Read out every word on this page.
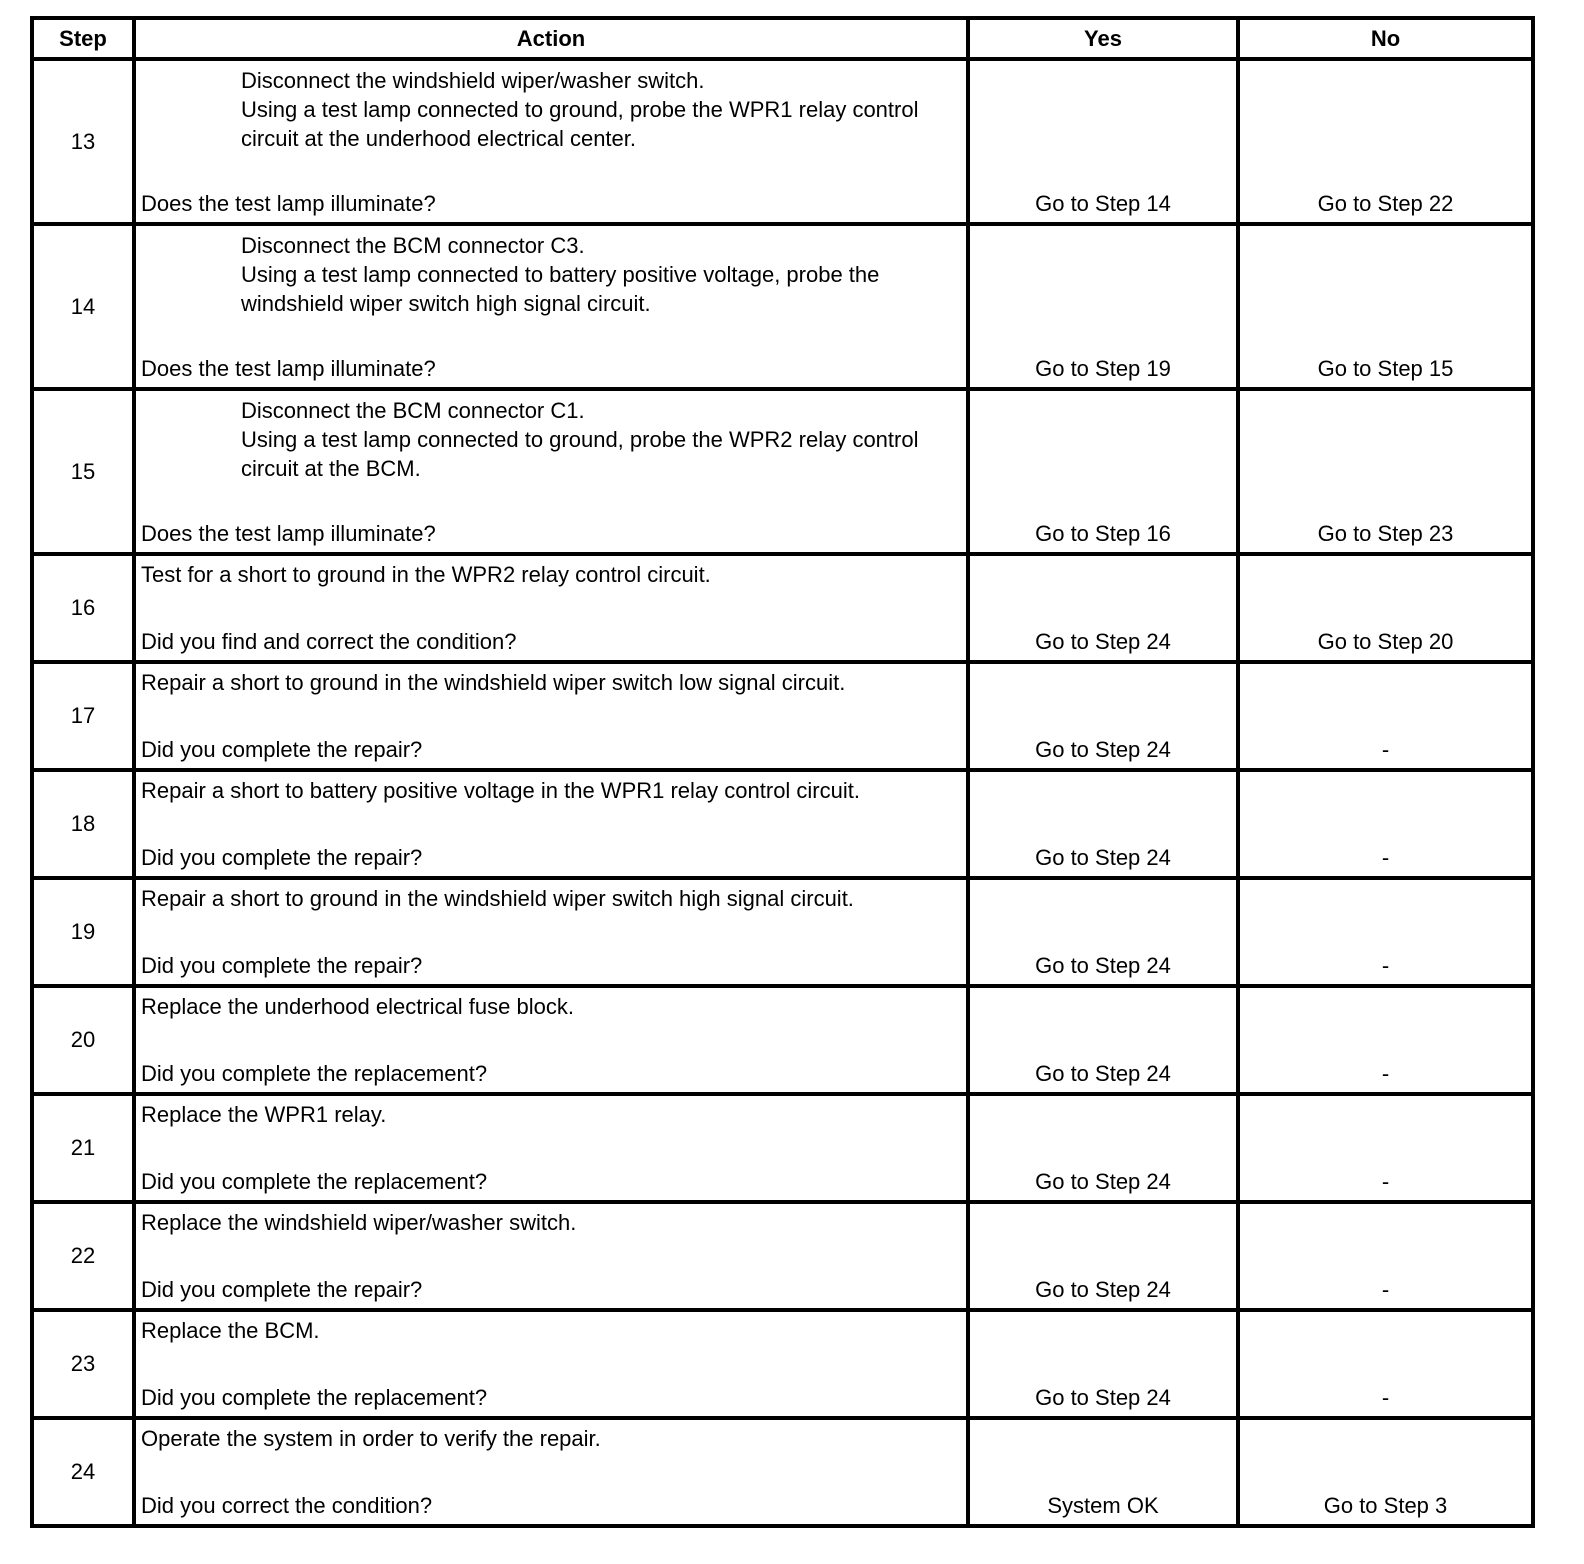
Step	Action	Yes	No
13	Disconnect the windshield wiper/washer switch.
Using a test lamp connected to ground, probe the WPR1 relay control circuit at the underhood electrical center.
Does the test lamp illuminate?	Go to Step 14	Go to Step 22
14	Disconnect the BCM connector C3.
Using a test lamp connected to battery positive voltage, probe the windshield wiper switch high signal circuit.
Does the test lamp illuminate?	Go to Step 19	Go to Step 15
15	Disconnect the BCM connector C1.
Using a test lamp connected to ground, probe the WPR2 relay control circuit at the BCM.
Does the test lamp illuminate?	Go to Step 16	Go to Step 23
16	Test for a short to ground in the WPR2 relay control circuit.
Did you find and correct the condition?	Go to Step 24	Go to Step 20
17	Repair a short to ground in the windshield wiper switch low signal circuit.
Did you complete the repair?	Go to Step 24	-
18	Repair a short to battery positive voltage in the WPR1 relay control circuit.
Did you complete the repair?	Go to Step 24	-
19	Repair a short to ground in the windshield wiper switch high signal circuit.
Did you complete the repair?	Go to Step 24	-
20	Replace the underhood electrical fuse block.
Did you complete the replacement?	Go to Step 24	-
21	Replace the WPR1 relay.
Did you complete the replacement?	Go to Step 24	-
22	Replace the windshield wiper/washer switch.
Did you complete the repair?	Go to Step 24	-
23	Replace the BCM.
Did you complete the replacement?	Go to Step 24	-
24	Operate the system in order to verify the repair.
Did you correct the condition?	System OK	Go to Step 3
